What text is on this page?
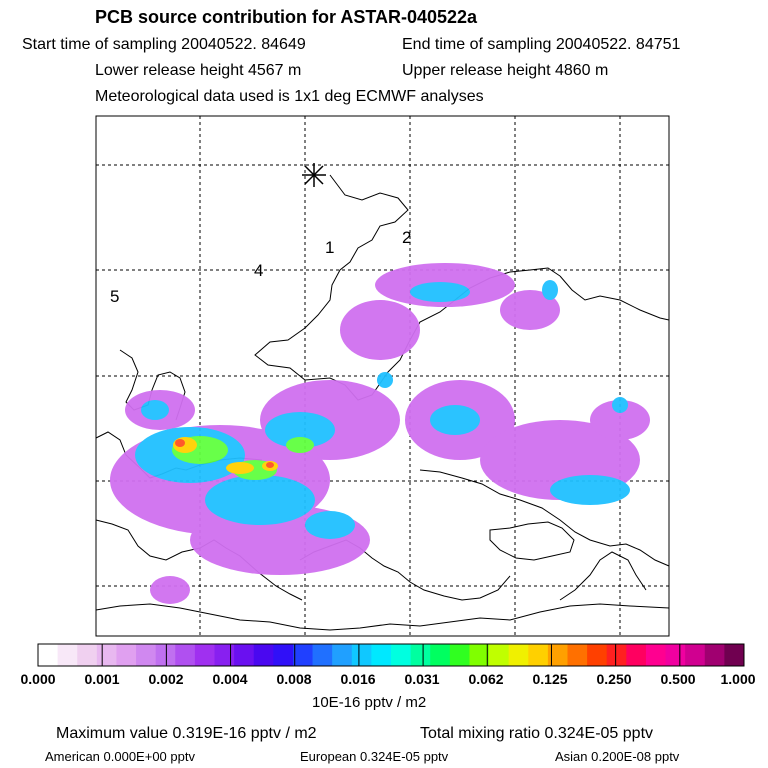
PCB source contribution for ASTAR-040522a
Start time of sampling 20040522. 84649	End time of sampling 20040522. 84751
Lower release height 4567 m	Upper release height 4860 m
Meteorological data used is 1x1 deg ECMWF analyses
1
2
4
5
0.000 0.001 0.002 0.004 0.008 0.016 0.031 0.062 0.125 0.250 0.500 1.000
10E-16 pptv / m2
Maximum value 0.319E-16 pptv / m2	Total mixing ratio 0.324E-05 pptv
American 0.000E+00 pptv	European 0.324E-05 pptv	Asian 0.200E-08 pptv
